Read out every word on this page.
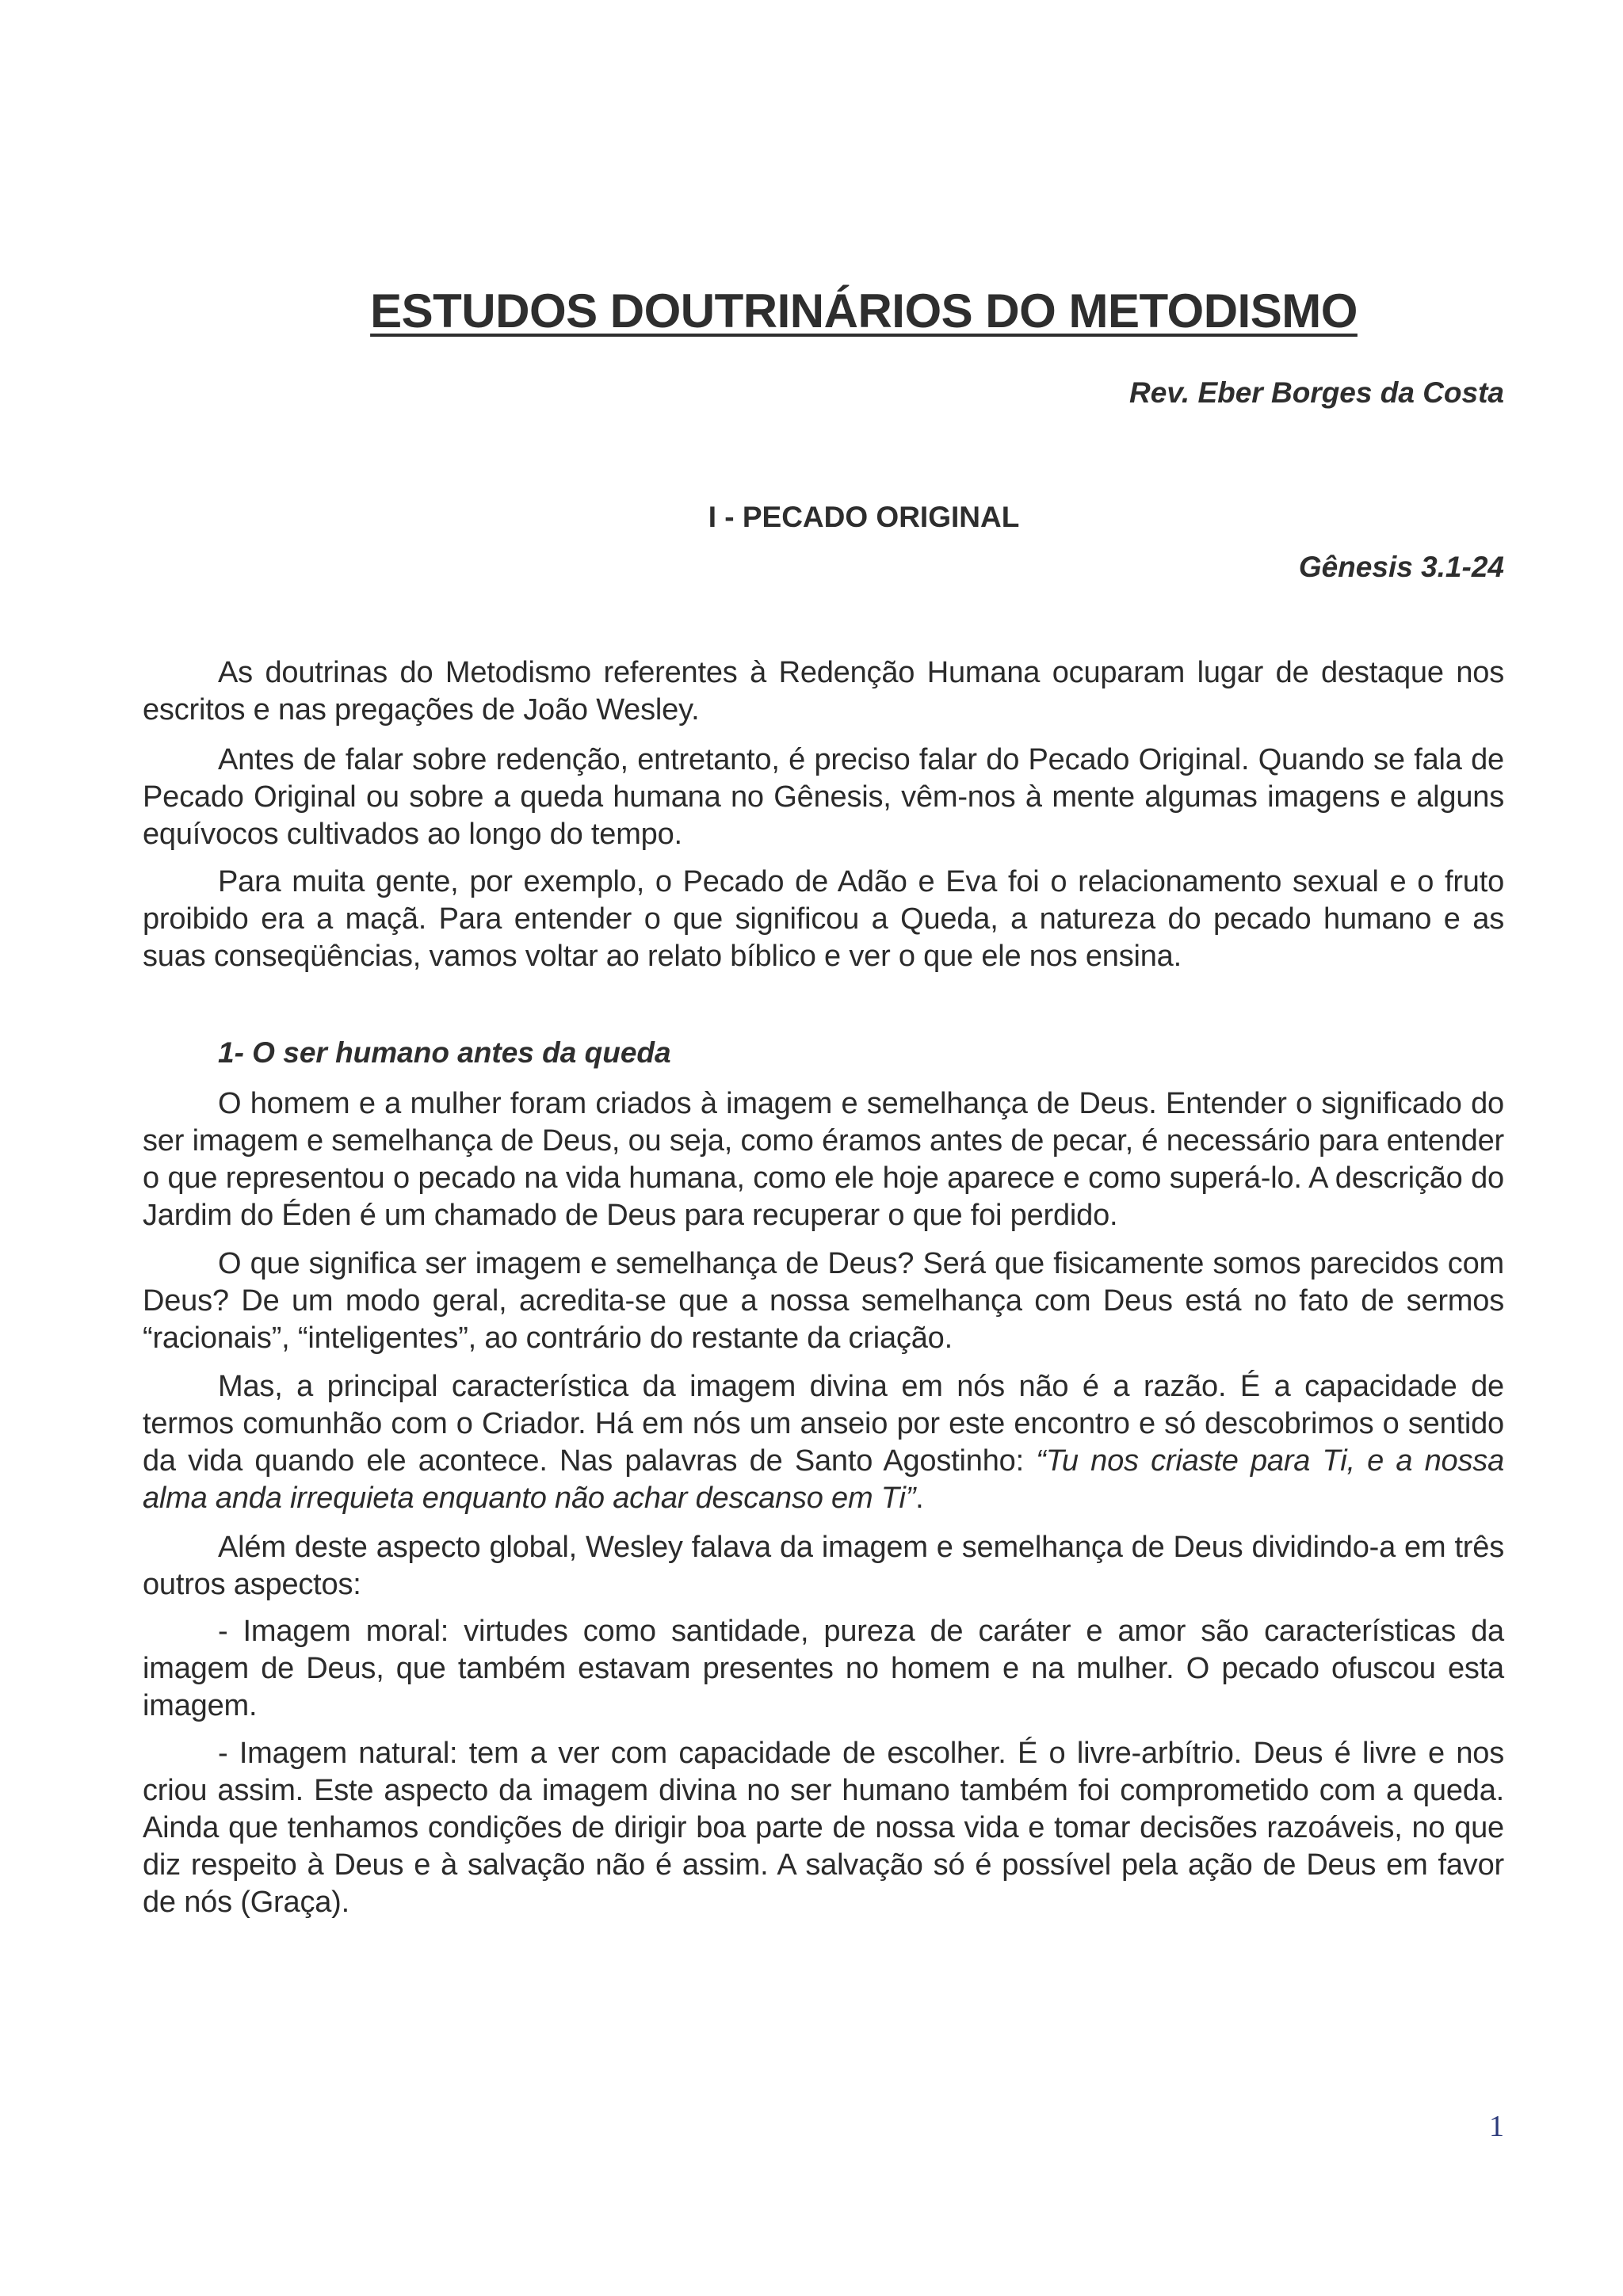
ESTUDOS DOUTRINÁRIOS DO METODISMO

Rev. Eber Borges da Costa

I - PECADO ORIGINAL

Gênesis 3.1-24

As doutrinas do Metodismo referentes à Redenção Humana ocuparam lugar de destaque nos escritos e nas pregações de João Wesley.

Antes de falar sobre redenção, entretanto, é preciso falar do Pecado Original. Quando se fala de Pecado Original ou sobre a queda humana no Gênesis, vêm-nos à mente algumas imagens e alguns equívocos cultivados ao longo do tempo.

Para muita gente, por exemplo, o Pecado de Adão e Eva foi o relacionamento sexual e o fruto proibido era a maçã. Para entender o que significou a Queda, a natureza do pecado humano e as suas conseqüências, vamos voltar ao relato bíblico e ver o que ele nos ensina.

1- O ser humano antes da queda

O homem e a mulher foram criados à imagem e semelhança de Deus. Entender o significado do ser imagem e semelhança de Deus, ou seja, como éramos antes de pecar, é necessário para entender o que representou o pecado na vida humana, como ele hoje aparece e como superá-lo. A descrição do Jardim do Éden é um chamado de Deus para recuperar o que foi perdido.

O que significa ser imagem e semelhança de Deus? Será que fisicamente somos parecidos com Deus? De um modo geral, acredita-se que a nossa semelhança com Deus está no fato de sermos “racionais”, “inteligentes”, ao contrário do restante da criação.

Mas, a principal característica da imagem divina em nós não é a razão. É a capacidade de termos comunhão com o Criador. Há em nós um anseio por este encontro e só descobrimos o sentido da vida quando ele acontece. Nas palavras de Santo Agostinho: “Tu nos criaste para Ti, e a nossa alma anda irrequieta enquanto não achar descanso em Ti”.

Além deste aspecto global, Wesley falava da imagem e semelhança de Deus dividindo-a em três outros aspectos:

- Imagem moral: virtudes como santidade, pureza de caráter e amor são características da imagem de Deus, que também estavam presentes no homem e na mulher. O pecado ofuscou esta imagem.

- Imagem natural: tem a ver com capacidade de escolher. É o livre-arbítrio. Deus é livre e nos criou assim. Este aspecto da imagem divina no ser humano também foi comprometido com a queda. Ainda que tenhamos condições de dirigir boa parte de nossa vida e tomar decisões razoáveis, no que diz respeito à Deus e à salvação não é assim. A salvação só é possível pela ação de Deus em favor de nós (Graça).

1
